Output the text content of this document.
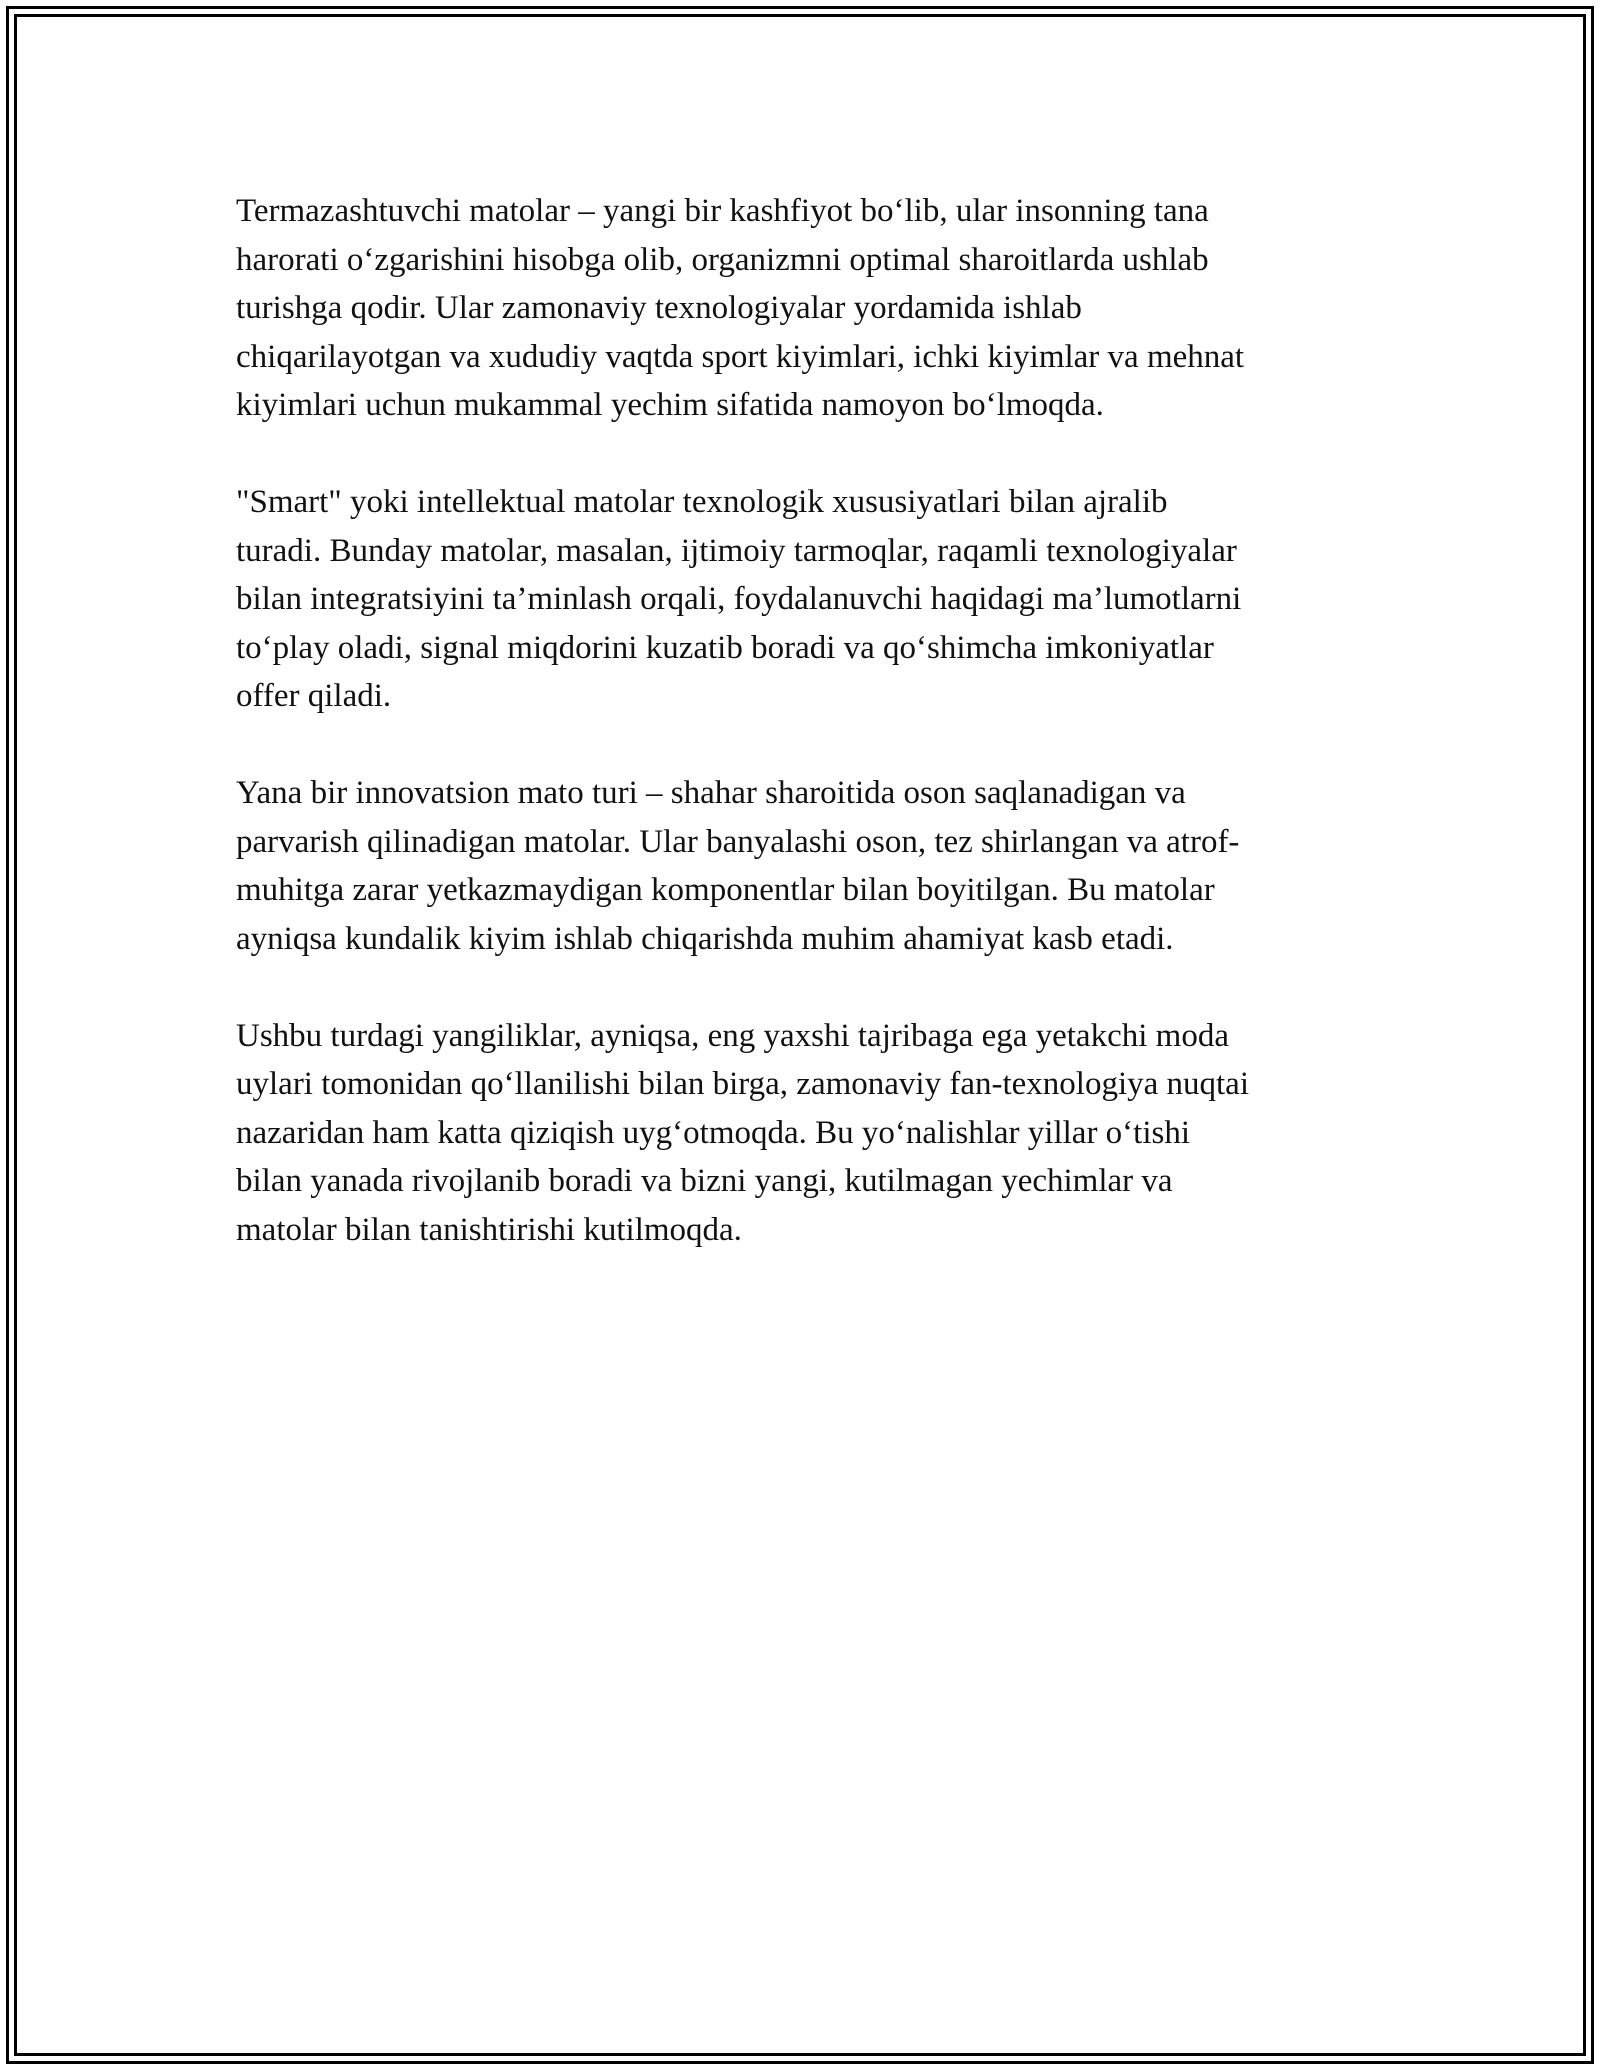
Termazashtuvchi matolar – yangi bir kashfiyot bo‘lib, ular insonning tana
harorati o‘zgarishini hisobga olib, organizmni optimal sharoitlarda ushlab
turishga qodir. Ular zamonaviy texnologiyalar yordamida ishlab
chiqarilayotgan va xududiy vaqtda sport kiyimlari, ichki kiyimlar va mehnat
kiyimlari uchun mukammal yechim sifatida namoyon bo‘lmoqda.

"Smart" yoki intellektual matolar texnologik xususiyatlari bilan ajralib
turadi. Bunday matolar, masalan, ijtimoiy tarmoqlar, raqamli texnologiyalar
bilan integratsiyini ta’minlash orqali, foydalanuvchi haqidagi ma’lumotlarni
to‘play oladi, signal miqdorini kuzatib boradi va qo‘shimcha imkoniyatlar
offer qiladi.

Yana bir innovatsion mato turi – shahar sharoitida oson saqlanadigan va
parvarish qilinadigan matolar. Ular banyalashi oson, tez shirlangan va atrof-
muhitga zarar yetkazmaydigan komponentlar bilan boyitilgan. Bu matolar
ayniqsa kundalik kiyim ishlab chiqarishda muhim ahamiyat kasb etadi.

Ushbu turdagi yangiliklar, ayniqsa, eng yaxshi tajribaga ega yetakchi moda
uylari tomonidan qo‘llanilishi bilan birga, zamonaviy fan-texnologiya nuqtai
nazaridan ham katta qiziqish uyg‘otmoqda. Bu yo‘nalishlar yillar o‘tishi
bilan yanada rivojlanib boradi va bizni yangi, kutilmagan yechimlar va
matolar bilan tanishtirishi kutilmoqda.
